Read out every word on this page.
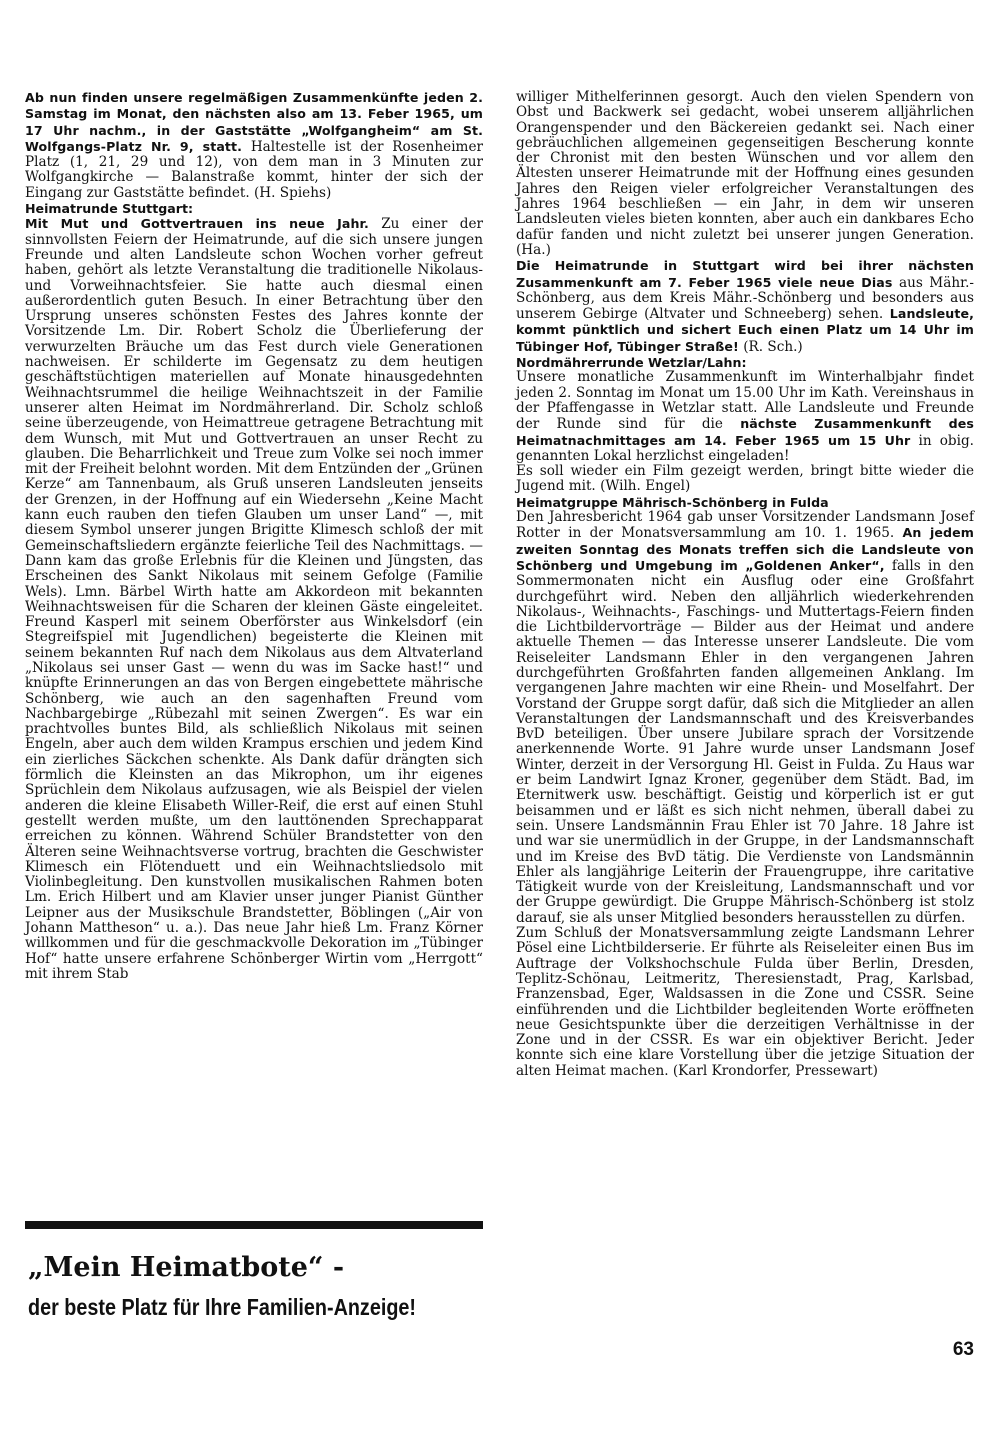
Ab nun finden unsere regelmäßigen Zusammenkünfte jeden 2. Samstag im Monat, den nächsten also am 13. Feber 1965, um 17 Uhr nachm., in der Gaststätte „Wolfgangheim“ am St. Wolfgangs-Platz Nr. 9, statt. Haltestelle ist der Rosenheimer Platz (1, 21, 29 und 12), von dem man in 3 Minuten zur Wolfgangkirche — Balanstraße kommt, hinter der sich der Eingang zur Gaststätte befindet. (H. Spiehs)

Heimatrunde Stuttgart:

Mit Mut und Gottvertrauen ins neue Jahr. Zu einer der sinnvollsten Feiern der Heimatrunde, auf die sich unsere jungen Freunde und alten Landsleute schon Wochen vorher gefreut haben, gehört als letzte Veranstaltung die traditionelle Nikolaus- und Vorweihnachtsfeier. Sie hatte auch diesmal einen außerordentlich guten Besuch. In einer Betrachtung über den Ursprung unseres schönsten Festes des Jahres konnte der Vorsitzende Lm. Dir. Robert Scholz die Überlieferung der verwurzelten Bräuche um das Fest durch viele Generationen nachweisen. Er schilderte im Gegensatz zu dem heutigen geschäftstüchtigen materiellen auf Monate hinausgedehnten Weihnachtsrummel die heilige Weihnachtszeit in der Familie unserer alten Heimat im Nordmährerland. Dir. Scholz schloß seine überzeugende, von Heimattreue getragene Betrachtung mit dem Wunsch, mit Mut und Gottvertrauen an unser Recht zu glauben. Die Beharrlichkeit und Treue zum Volke sei noch immer mit der Freiheit belohnt worden. Mit dem Entzünden der „Grünen Kerze“ am Tannenbaum, als Gruß unseren Landsleuten jenseits der Grenzen, in der Hoffnung auf ein Wiedersehn „Keine Macht kann euch rauben den tiefen Glauben um unser Land“ —, mit diesem Symbol unserer jungen Brigitte Klimesch schloß der mit Gemeinschaftsliedern ergänzte feierliche Teil des Nachmittags. — Dann kam das große Erlebnis für die Kleinen und Jüngsten, das Erscheinen des Sankt Nikolaus mit seinem Gefolge (Familie Wels). Lmn. Bärbel Wirth hatte am Akkordeon mit bekannten Weihnachtsweisen für die Scharen der kleinen Gäste eingeleitet. Freund Kasperl mit seinem Oberförster aus Winkelsdorf (ein Stegreifspiel mit Jugendlichen) begeisterte die Kleinen mit seinem bekannten Ruf nach dem Nikolaus aus dem Altvaterland „Nikolaus sei unser Gast — wenn du was im Sacke hast!“ und knüpfte Erinnerungen an das von Bergen eingebettete mährische Schönberg, wie auch an den sagenhaften Freund vom Nachbargebirge „Rübezahl mit seinen Zwergen“. Es war ein prachtvolles buntes Bild, als schließlich Nikolaus mit seinen Engeln, aber auch dem wilden Krampus erschien und jedem Kind ein zierliches Säckchen schenkte. Als Dank dafür drängten sich förmlich die Kleinsten an das Mikrophon, um ihr eigenes Sprüchlein dem Nikolaus aufzusagen, wie als Beispiel der vielen anderen die kleine Elisabeth Willer-Reif, die erst auf einen Stuhl gestellt werden mußte, um den lauttönenden Sprechapparat erreichen zu können. Während Schüler Brandstetter von den Älteren seine Weihnachtsverse vortrug, brachten die Geschwister Klimesch ein Flötenduett und ein Weihnachtsliedsolo mit Violinbegleitung. Den kunstvollen musikalischen Rahmen boten Lm. Erich Hilbert und am Klavier unser junger Pianist Günther Leipner aus der Musikschule Brandstetter, Böblingen („Air von Johann Mattheson“ u. a.). Das neue Jahr hieß Lm. Franz Körner willkommen und für die geschmackvolle Dekoration im „Tübinger Hof“ hatte unsere erfahrene Schönberger Wirtin vom „Herrgott“ mit ihrem Stab

„Mein Heimatbote“ -
der beste Platz für Ihre Familien-Anzeige!

williger Mithelferinnen gesorgt. Auch den vielen Spendern von Obst und Backwerk sei gedacht, wobei unserem alljährlichen Orangenspender und den Bäckereien gedankt sei. Nach einer gebräuchlichen allgemeinen gegenseitigen Bescherung konnte der Chronist mit den besten Wünschen und vor allem den Ältesten unserer Heimatrunde mit der Hoffnung eines gesunden Jahres den Reigen vieler erfolgreicher Veranstaltungen des Jahres 1964 beschließen — ein Jahr, in dem wir unseren Landsleuten vieles bieten konnten, aber auch ein dankbares Echo dafür fanden und nicht zuletzt bei unserer jungen Generation. (Ha.)

Die Heimatrunde in Stuttgart wird bei ihrer nächsten Zusammenkunft am 7. Feber 1965 viele neue Dias aus Mähr.-Schönberg, aus dem Kreis Mähr.-Schönberg und besonders aus unserem Gebirge (Altvater und Schneeberg) sehen. Landsleute, kommt pünktlich und sichert Euch einen Platz um 14 Uhr im Tübinger Hof, Tübinger Straße! (R. Sch.)

Nordmährerrunde Wetzlar/Lahn:

Unsere monatliche Zusammenkunft im Winterhalbjahr findet jeden 2. Sonntag im Monat um 15.00 Uhr im Kath. Vereinshaus in der Pfaffengasse in Wetzlar statt. Alle Landsleute und Freunde der Runde sind für die nächste Zusammenkunft des Heimatnachmittages am 14. Feber 1965 um 15 Uhr in obig. genannten Lokal herzlichst eingeladen!

Es soll wieder ein Film gezeigt werden, bringt bitte wieder die Jugend mit. (Wilh. Engel)

Heimatgruppe Mährisch-Schönberg in Fulda

Den Jahresbericht 1964 gab unser Vorsitzender Landsmann Josef Rotter in der Monatsversammlung am 10. 1. 1965. An jedem zweiten Sonntag des Monats treffen sich die Landsleute von Schönberg und Umgebung im „Goldenen Anker“, falls in den Sommermonaten nicht ein Ausflug oder eine Großfahrt durchgeführt wird. Neben den alljährlich wiederkehrenden Nikolaus-, Weihnachts-, Faschings- und Muttertags-Feiern finden die Lichtbildervorträge — Bilder aus der Heimat und andere aktuelle Themen — das Interesse unserer Landsleute. Die vom Reiseleiter Landsmann Ehler in den vergangenen Jahren durchgeführten Großfahrten fanden allgemeinen Anklang. Im vergangenen Jahre machten wir eine Rhein- und Moselfahrt. Der Vorstand der Gruppe sorgt dafür, daß sich die Mitglieder an allen Veranstaltungen der Landsmannschaft und des Kreisverbandes BvD beteiligen. Über unsere Jubilare sprach der Vorsitzende anerkennende Worte. 91 Jahre wurde unser Landsmann Josef Winter, derzeit in der Versorgung Hl. Geist in Fulda. Zu Haus war er beim Landwirt Ignaz Kroner, gegenüber dem Städt. Bad, im Eternitwerk usw. beschäftigt. Geistig und körperlich ist er gut beisammen und er läßt es sich nicht nehmen, überall dabei zu sein. Unsere Landsmännin Frau Ehler ist 70 Jahre. 18 Jahre ist und war sie unermüdlich in der Gruppe, in der Landsmannschaft und im Kreise des BvD tätig. Die Verdienste von Landsmännin Ehler als langjährige Leiterin der Frauengruppe, ihre caritative Tätigkeit wurde von der Kreisleitung, Landsmannschaft und vor der Gruppe gewürdigt. Die Gruppe Mährisch-Schönberg ist stolz darauf, sie als unser Mitglied besonders herausstellen zu dürfen.

Zum Schluß der Monatsversammlung zeigte Landsmann Lehrer Pösel eine Lichtbilderserie. Er führte als Reiseleiter einen Bus im Auftrage der Volkshochschule Fulda über Berlin, Dresden, Teplitz-Schönau, Leitmeritz, Theresienstadt, Prag, Karlsbad, Franzensbad, Eger, Waldsassen in die Zone und CSSR. Seine einführenden und die Lichtbilder begleitenden Worte eröffneten neue Gesichtspunkte über die derzeitigen Verhältnisse in der Zone und in der CSSR. Es war ein objektiver Bericht. Jeder konnte sich eine klare Vorstellung über die jetzige Situation der alten Heimat machen. (Karl Krondorfer, Pressewart)

63
